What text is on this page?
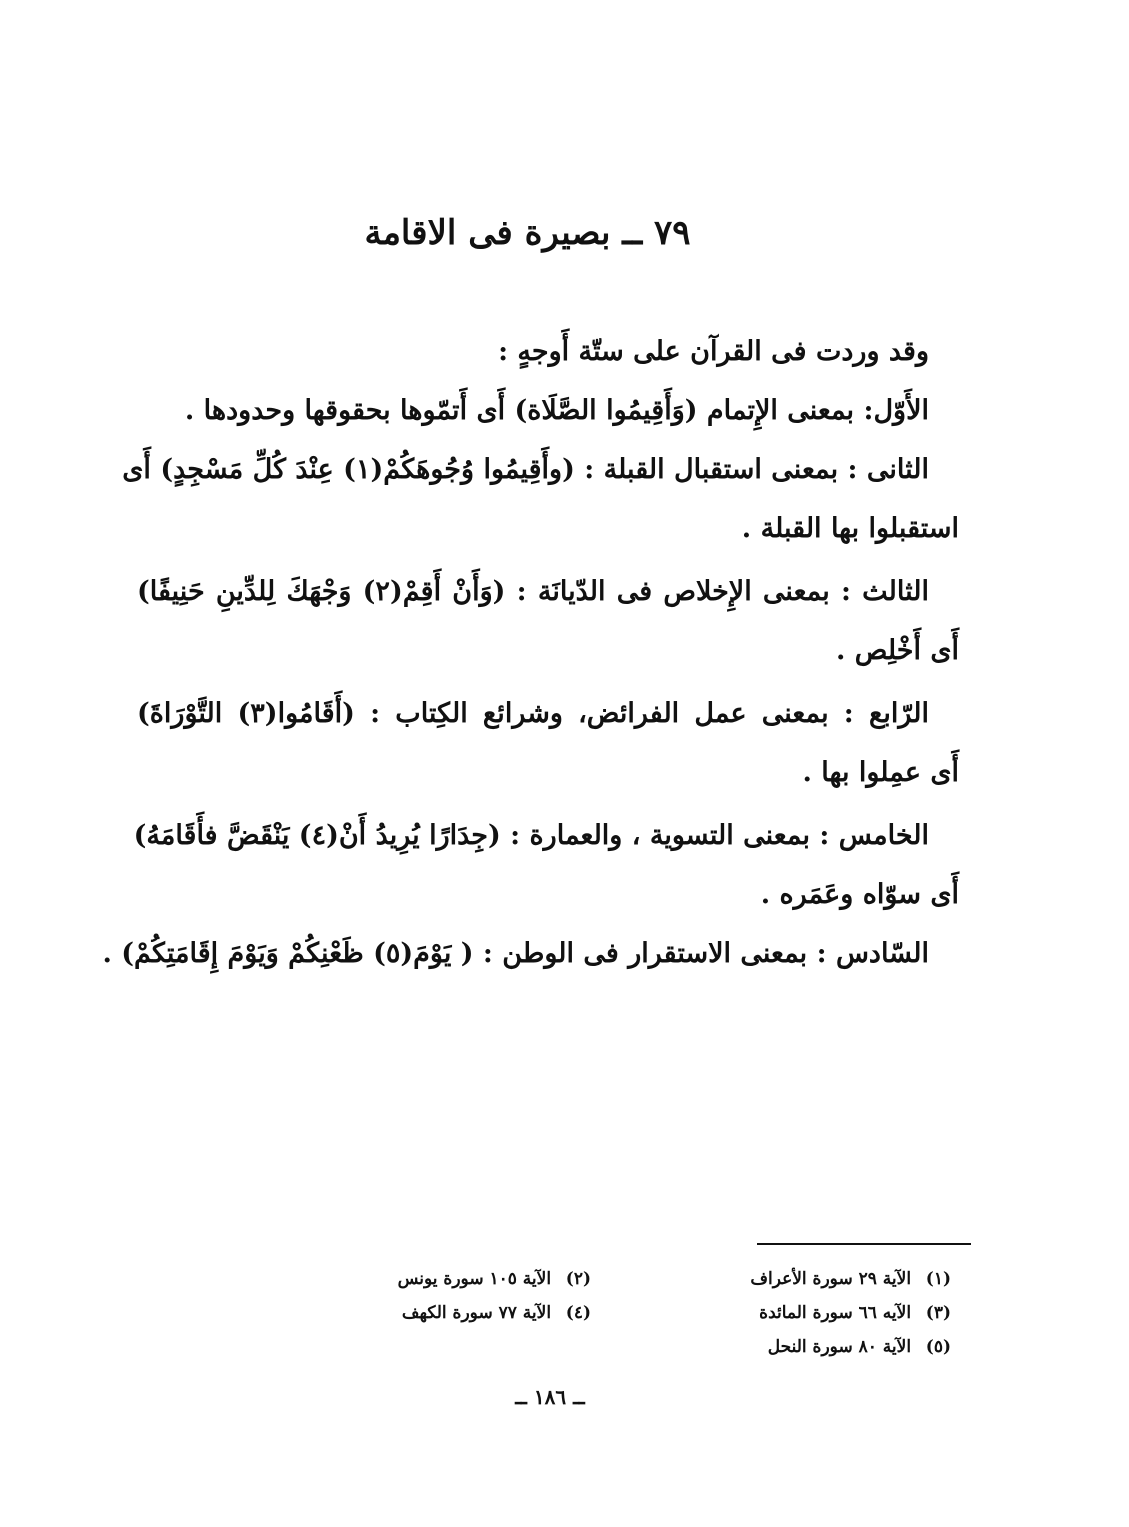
٧٩ ــ بصيرة فى الاقامة
وقد وردت فى القرآن على ستّة أَوجهٍ :
الأَوّل: بمعنى الإِتمام (وَأَقِيمُوا الصَّلَاة) أَى أَتمّوها بحقوقها وحدودها .
الثانى : بمعنى استقبال القبلة : (وأَقِيمُوا وُجُوهَكُمْ(١) عِنْدَ كُلِّ مَسْجِدٍ) أَى
استقبلوا بها القبلة .
الثالث : بمعنى الإِخلاص فى الدّيانَة : (وَأَنْ أَقِمْ(٢) وَجْهَكَ لِلدِّينِ حَنِيفًا)
أَى أَخْلِص .
الرّابع : بمعنى عمل الفرائض، وشرائع الكِتاب : (أَقَامُوا(٣) التَّوْرَاةَ)
أَى عمِلوا بها .
الخامس : بمعنى التسوية ، والعمارة : (جِدَارًا يُرِيدُ أَنْ(٤) يَنْقَضَّ فأَقَامَهُ)
أَى سوّاه وعَمَره .
السّادس : بمعنى الاستقرار فى الوطن : ( يَوْمَ(٥) ظَعْنِكُمْ وَيَوْمَ إِقَامَتِكُمْ) .
(١) الآية ٢٩ سورة الأعراف
(٢) الآية ١٠٥ سورة يونس
(٣) الآيه ٦٦ سورة المائدة
(٤) الآية ٧٧ سورة الكهف
(٥) الآية ٨٠ سورة النحل
ــ ١٨٦ ــ
